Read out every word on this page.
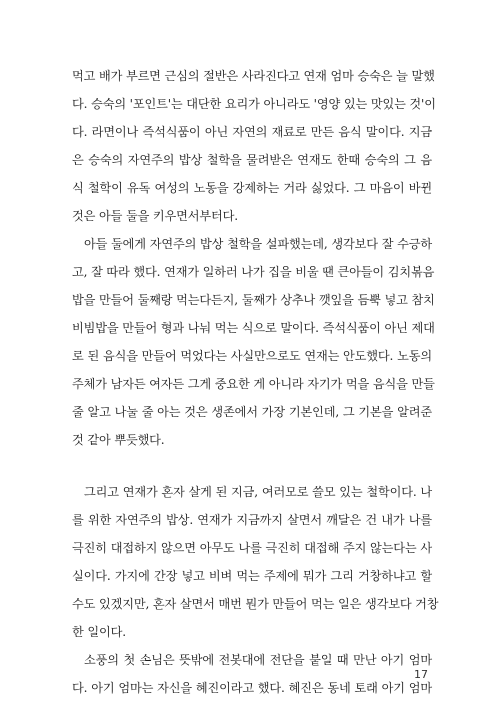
먹고 배가 부르면 근심의 절반은 사라진다고 연재 엄마 승숙은 늘 말했
다. 승숙의 '포인트'는 대단한 요리가 아니라도 '영양 있는 맛있는 것'이
다. 라면이나 즉석식품이 아닌 자연의 재료로 만든 음식 말이다. 지금
은 승숙의 자연주의 밥상 철학을 물려받은 연재도 한때 승숙의 그 음
식 철학이 유독 여성의 노동을 강제하는 거라 싫었다. 그 마음이 바뀐
것은 아들 둘을 키우면서부터다.
아들 둘에게 자연주의 밥상 철학을 설파했는데, 생각보다 잘 수긍하
고, 잘 따라 했다. 연재가 일하러 나가 집을 비울 땐 큰아들이 김치볶음
밥을 만들어 둘째랑 먹는다든지, 둘째가 상추나 깻잎을 듬뿍 넣고 참치
비빔밥을 만들어 형과 나눠 먹는 식으로 말이다. 즉석식품이 아닌 제대
로 된 음식을 만들어 먹었다는 사실만으로도 연재는 안도했다. 노동의
주체가 남자든 여자든 그게 중요한 게 아니라 자기가 먹을 음식을 만들
줄 알고 나눌 줄 아는 것은 생존에서 가장 기본인데, 그 기본을 알려준
것 같아 뿌듯했다.
그리고 연재가 혼자 살게 된 지금, 여러모로 쓸모 있는 철학이다. 나
를 위한 자연주의 밥상. 연재가 지금까지 살면서 깨달은 건 내가 나를
극진히 대접하지 않으면 아무도 나를 극진히 대접해 주지 않는다는 사
실이다. 가지에 간장 넣고 비벼 먹는 주제에 뭐가 그리 거창하냐고 할
수도 있겠지만, 혼자 살면서 매번 뭔가 만들어 먹는 일은 생각보다 거창
한 일이다.
소풍의 첫 손님은 뜻밖에 전봇대에 전단을 붙일 때 만난 아기 엄마
다. 아기 엄마는 자신을 혜진이라고 했다. 혜진은 동네 토래 아기 엄마
17
